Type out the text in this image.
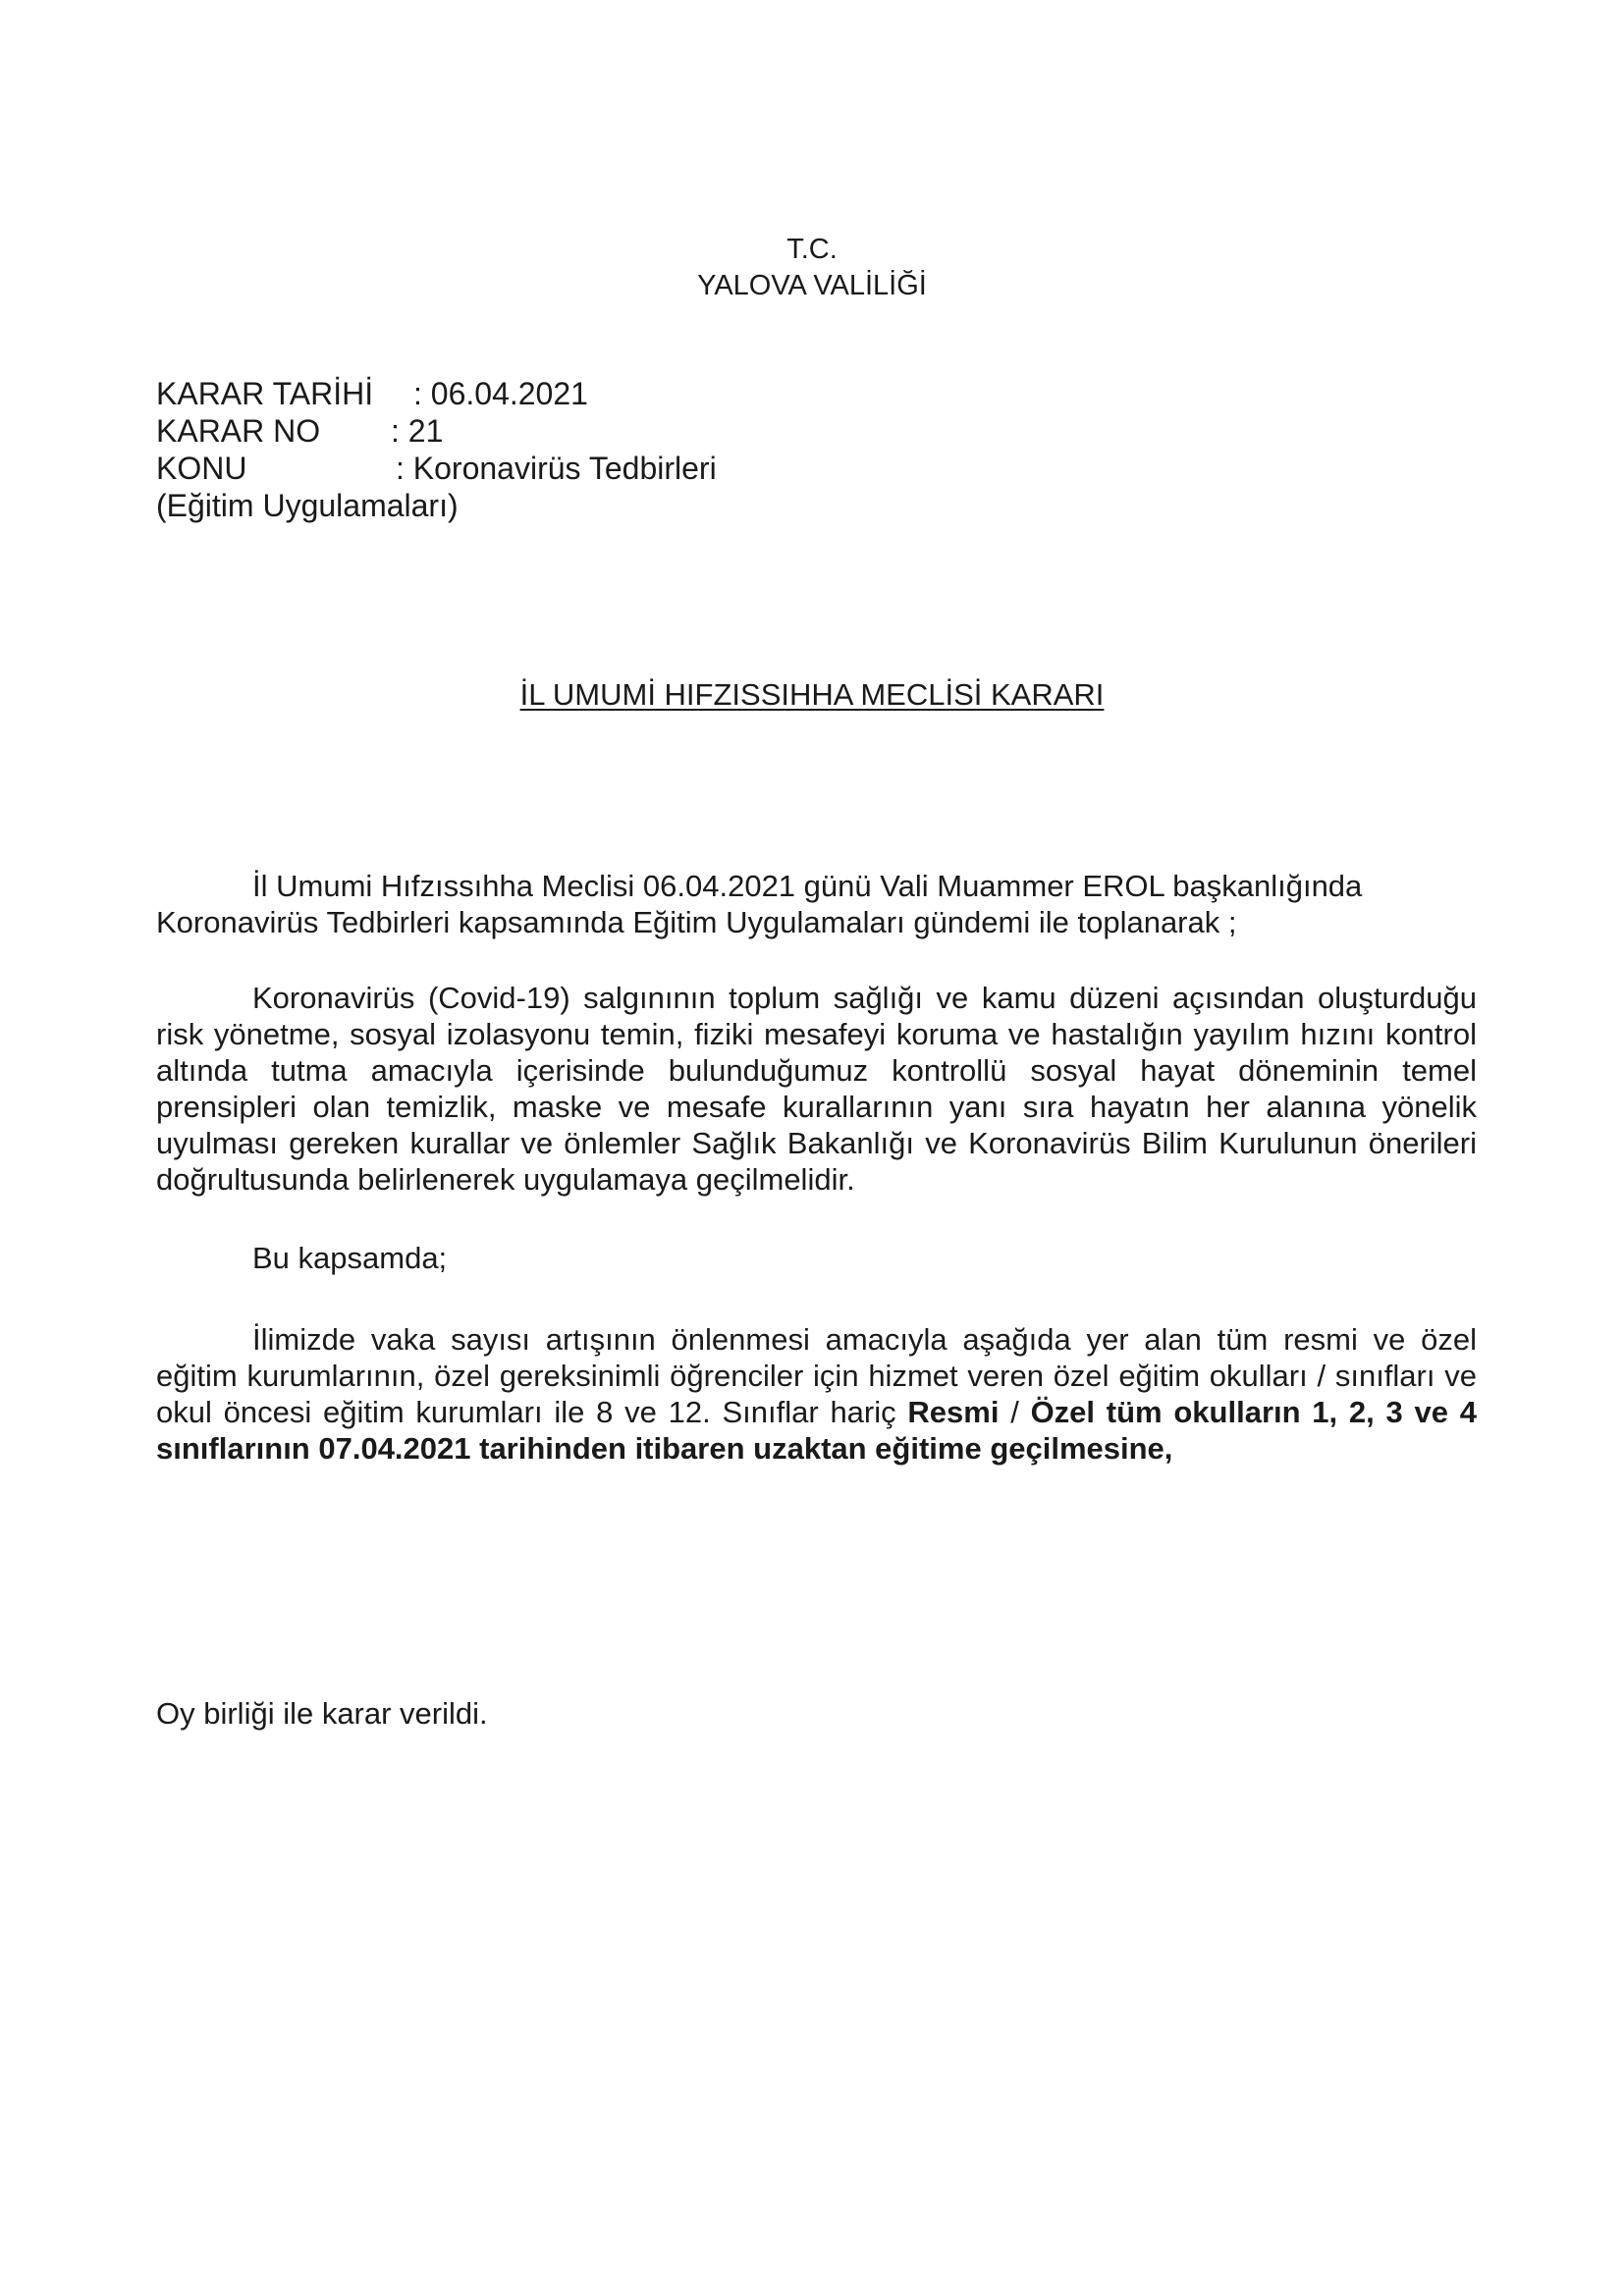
T.C.
YALOVA VALİLİĞİ
KARAR TARİHİ	: 06.04.2021
KARAR NO	: 21
KONU	: Koronavirüs Tedbirleri
(Eğitim Uygulamaları)
İL UMUMİ HIFZISSIHHA MECLİSİ KARARI

İl Umumi Hıfzıssıhha Meclisi 06.04.2021 günü Vali Muammer EROL başkanlığında Koronavirüs Tedbirleri kapsamında Eğitim Uygulamaları gündemi ile toplanarak ;

Koronavirüs (Covid-19) salgınının toplum sağlığı ve kamu düzeni açısından oluşturduğu risk yönetme, sosyal izolasyonu temin, fiziki mesafeyi koruma ve hastalığın yayılım hızını kontrol altında tutma amacıyla içerisinde bulunduğumuz kontrollü sosyal hayat döneminin temel prensipleri olan temizlik, maske ve mesafe kurallarının yanı sıra hayatın her alanına yönelik uyulması gereken kurallar ve önlemler Sağlık Bakanlığı ve Koronavirüs Bilim Kurulunun önerileri doğrultusunda belirlenerek uygulamaya geçilmelidir.

Bu kapsamda;

İlimizde vaka sayısı artışının önlenmesi amacıyla aşağıda yer alan tüm resmi ve özel eğitim kurumlarının, özel gereksinimli öğrenciler için hizmet veren özel eğitim okulları / sınıfları ve okul öncesi eğitim kurumları ile 8 ve 12. Sınıflar hariç Resmi / Özel tüm okulların 1, 2, 3 ve 4 sınıflarının 07.04.2021 tarihinden itibaren uzaktan eğitime geçilmesine,

Oy birliği ile karar verildi.
